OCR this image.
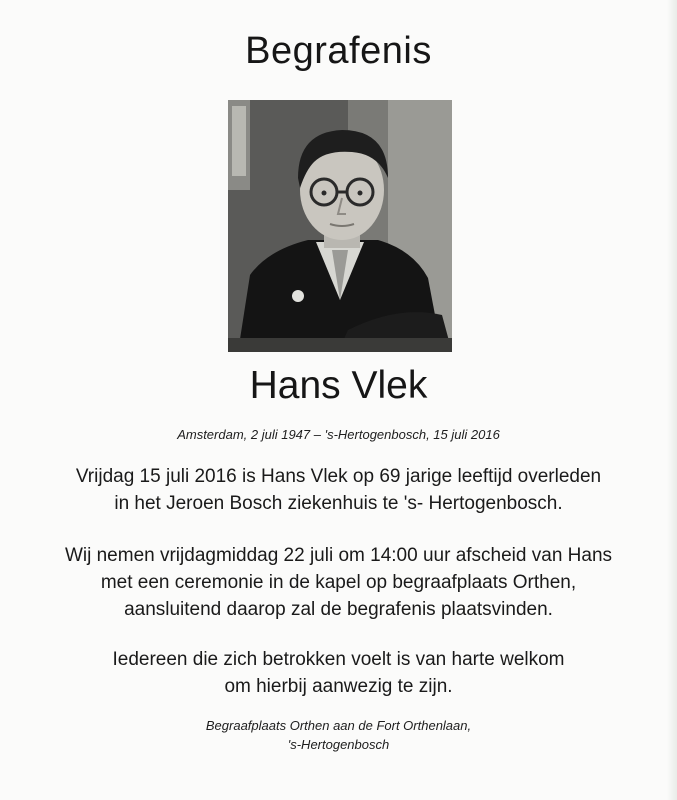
Begrafenis
Hans Vlek
Amsterdam, 2 juli 1947 – 's-Hertogenbosch, 15 juli 2016
Vrijdag 15 juli 2016 is Hans Vlek op 69 jarige leeftijd overleden
in het Jeroen Bosch ziekenhuis te 's- Hertogenbosch.
Wij nemen vrijdagmiddag 22 juli om 14:00 uur afscheid van Hans
met een ceremonie in de kapel op begraafplaats Orthen,
aansluitend daarop zal de begrafenis plaatsvinden.
Iedereen die zich betrokken voelt is van harte welkom
om hierbij aanwezig te zijn.
Begraafplaats Orthen aan de Fort Orthenlaan,
's-Hertogenbosch
